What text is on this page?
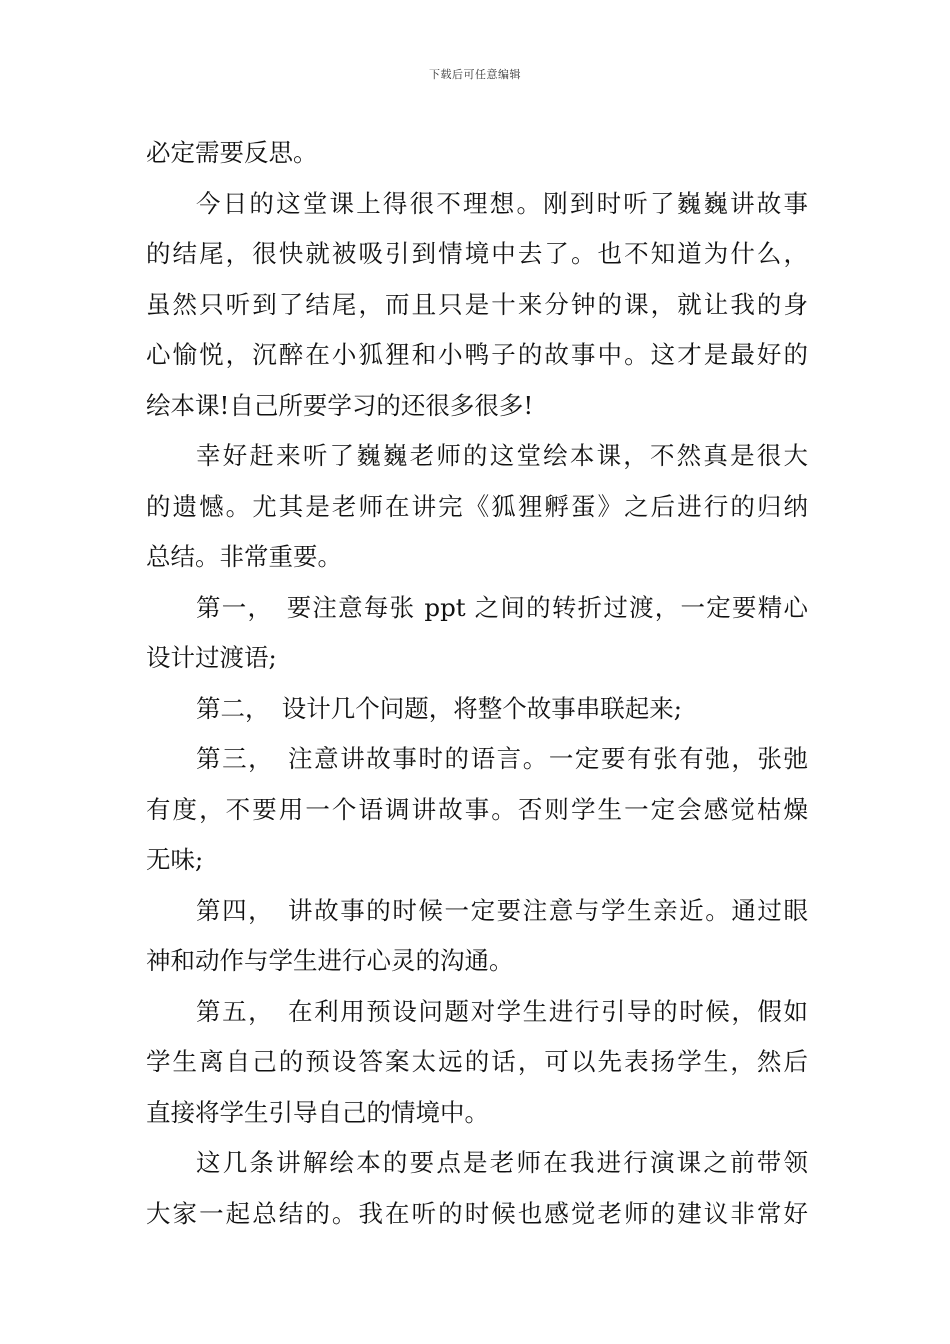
下载后可任意编辑
必定需要反思。
今日的这堂课上得很不理想。刚到时听了巍巍讲故事
的结尾，很快就被吸引到情境中去了。也不知道为什么，
虽然只听到了结尾，而且只是十来分钟的课，就让我的身
心愉悦，沉醉在小狐狸和小鸭子的故事中。这才是最好的
绘本课!自己所要学习的还很多很多!
幸好赶来听了巍巍老师的这堂绘本课，不然真是很大
的遗憾。尤其是老师在讲完《狐狸孵蛋》之后进行的归纳
总结。非常重要。
第一，　要注意每张 ppt 之间的转折过渡，一定要精心
设计过渡语;
第二，　设计几个问题，将整个故事串联起来;
第三，　注意讲故事时的语言。一定要有张有弛，张弛
有度，不要用一个语调讲故事。否则学生一定会感觉枯燥
无味;
第四，　讲故事的时候一定要注意与学生亲近。通过眼
神和动作与学生进行心灵的沟通。
第五，　在利用预设问题对学生进行引导的时候，假如
学生离自己的预设答案太远的话，可以先表扬学生，然后
直接将学生引导自己的情境中。
这几条讲解绘本的要点是老师在我进行演课之前带领
大家一起总结的。我在听的时候也感觉老师的建议非常好
